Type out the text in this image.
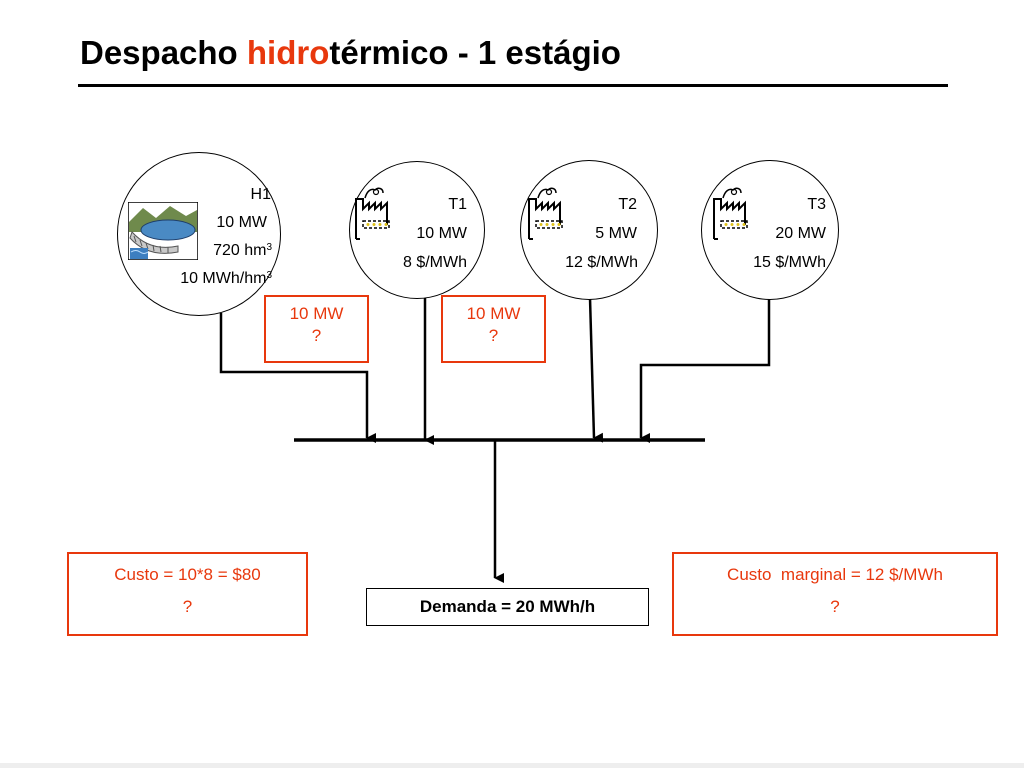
Despacho hidrotérmico - 1 estágio
H1
10 MW
720 $hm^3$
10 MWh/$hm^3$
T1
10 MW
8 $/MWh
T2
5 MW
12 $/MWh
T3
20 MW
15 $/MWh
10 MW
?
10 MW
?
Custo = 10*8 = $80
?
Custo  marginal = 12 $/MWh
?
Demanda = 20 MWh/h
